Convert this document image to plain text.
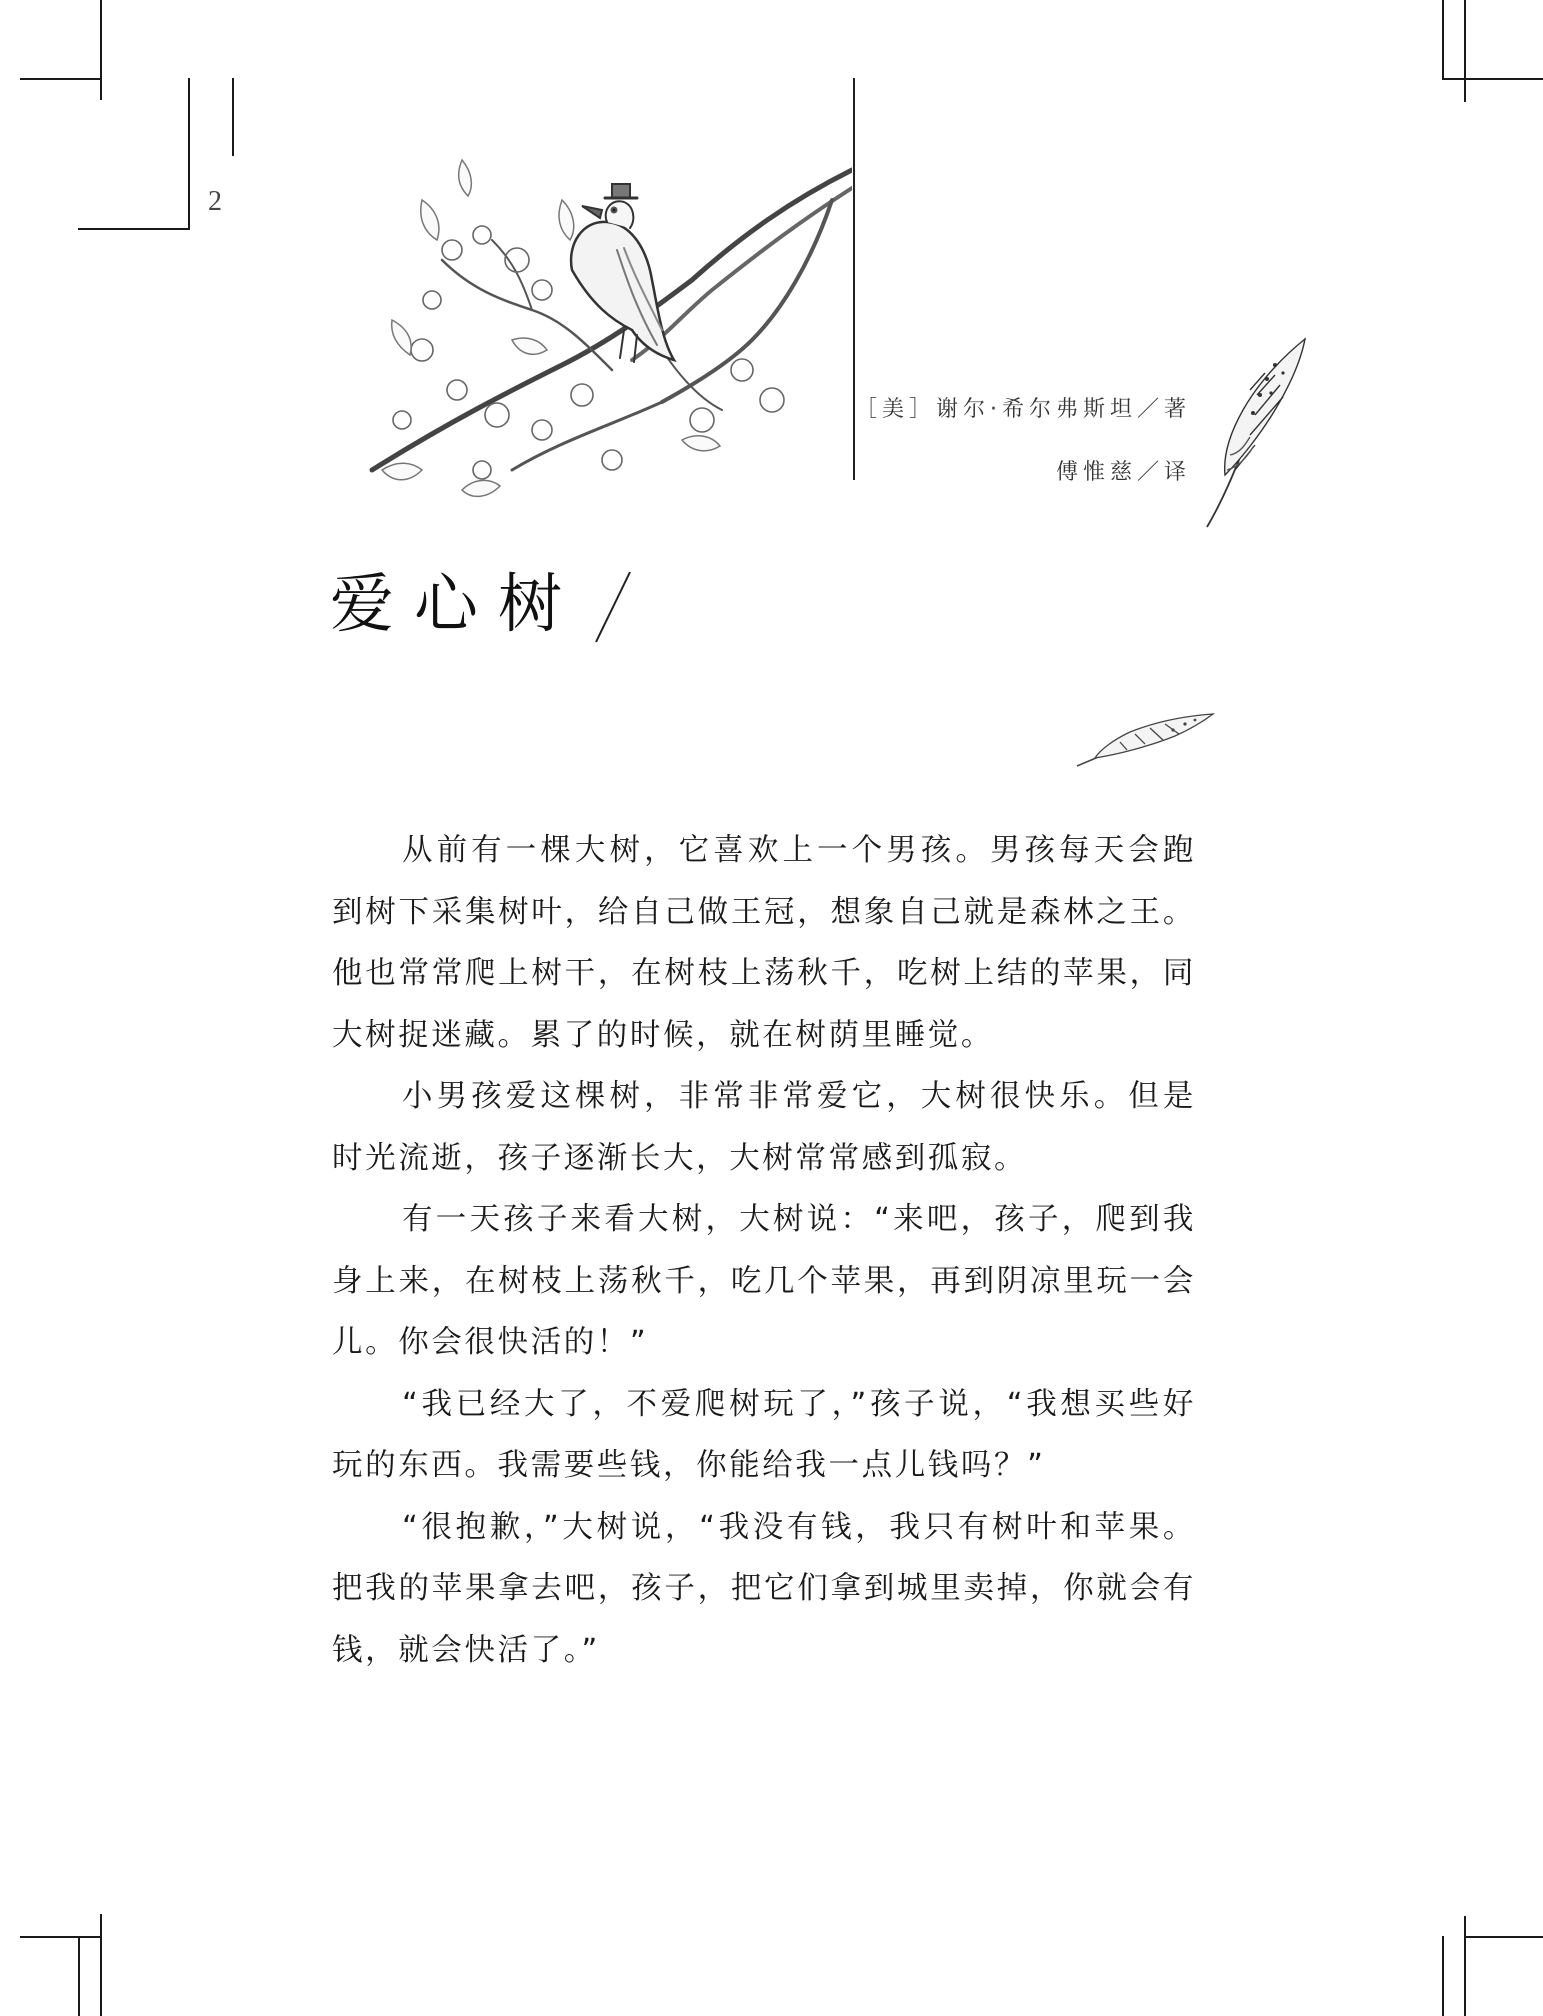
2
［美］谢尔·希尔弗斯坦／著
傅惟慈／译
爱心树

从前有一棵大树，它喜欢上一个男孩。男孩每天会跑到树下采集树叶，给自己做王冠，想象自己就是森林之王。他也常常爬上树干，在树枝上荡秋千，吃树上结的苹果，同大树捉迷藏。累了的时候，就在树荫里睡觉。

小男孩爱这棵树，非常非常爱它，大树很快乐。但是时光流逝，孩子逐渐长大，大树常常感到孤寂。

有一天孩子来看大树，大树说：“来吧，孩子，爬到我身上来，在树枝上荡秋千，吃几个苹果，再到阴凉里玩一会儿。你会很快活的！”

“我已经大了，不爱爬树玩了，”孩子说，“我想买些好玩的东西。我需要些钱，你能给我一点儿钱吗？”

“很抱歉，”大树说，“我没有钱，我只有树叶和苹果。把我的苹果拿去吧，孩子，把它们拿到城里卖掉，你就会有钱，就会快活了。”
